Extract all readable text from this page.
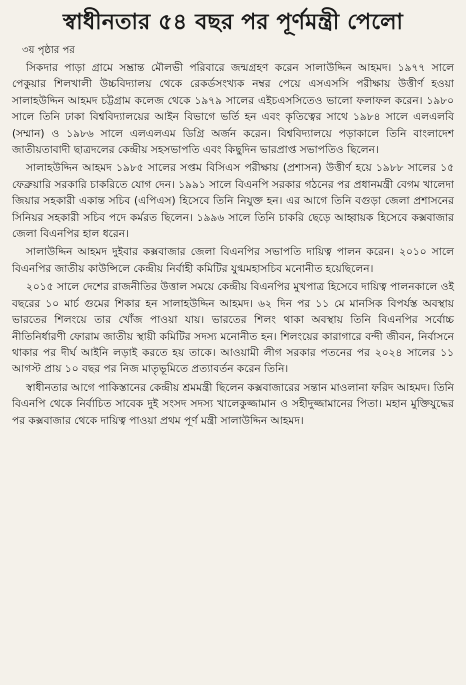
স্বাধীনতার ৫৪ বছর পর পূর্ণমন্ত্রী পেলো
৩য় পৃষ্ঠার পর

সিকদার পাড়া গ্রামে সম্ভ্রান্ত মৌলভী পরিবারে জন্মগ্রহণ করেন সালাউদ্দিন আহমদ। ১৯৭৭ সালে পেকুয়ার শিলখালী উচ্চবিদ্যালয় থেকে রেকর্ডসংখ্যক নম্বর পেয়ে এসএসসি পরীক্ষায় উত্তীর্ণ হওয়া সালাহউদ্দিন আহমদ চট্টগ্রাম কলেজ থেকে ১৯৭৯ সালের এইচএসসিতেও ভালো ফলাফল করেন। ১৯৮০ সালে তিনি ঢাকা বিশ্ববিদ্যালয়ের আইন বিভাগে ভর্তি হন এবং কৃতিত্বের সাথে ১৯৮৪ সালে এলএলবি (সম্মান) ও ১৯৮৬ সালে এলএলএম ডিগ্রি অর্জন করেন। বিশ্ববিদ্যালয়ে পড়াকালে তিনি বাংলাদেশ জাতীয়তাবাদী ছাত্রদলের কেন্দ্রীয় সহসভাপতি এবং কিছুদিন ভারপ্রাপ্ত সভাপতিও ছিলেন।

সালাহউদ্দিন আহমদ ১৯৮৫ সালের সপ্তম বিসিএস পরীক্ষায় (প্রশাসন) উত্তীর্ণ হয়ে ১৯৮৮ সালের ১৫ ফেব্রুয়ারি সরকারি চাকরিতে যোগ দেন। ১৯৯১ সালে বিএনপি সরকার গঠনের পর প্রধানমন্ত্রী বেগম খালেদা জিয়ার সহকারী একান্ত সচিব (এপিএস) হিসেবে তিনি নিযুক্ত হন। এর আগে তিনি বগুড়া জেলা প্রশাসনের সিনিয়র সহকারী সচিব পদে কর্মরত ছিলেন। ১৯৯৬ সালে তিনি চাকরি ছেড়ে আহ্বায়ক হিসেবে কক্সবাজার জেলা বিএনপির হাল ধরেন।

সালাউদ্দিন আহমদ দুইবার কক্সবাজার জেলা বিএনপির সভাপতি দায়িত্ব পালন করেন। ২০১০ সালে বিএনপির জাতীয় কাউন্সিলে কেন্দ্রীয় নির্বাহী কমিটির যুগ্মমহাসচিব মনোনীত হয়েছিলেন।

২০১৫ সালে দেশের রাজনীতির উত্তাল সময়ে কেন্দ্রীয় বিএনপির মুখপাত্র হিসেবে দায়িত্ব পালনকালে ওই বছরের ১০ মার্চ গুমের শিকার হন সালাহউদ্দিন আহমদ। ৬২ দিন পর ১১ মে মানসিক বিপর্যস্ত অবস্থায় ভারতের শিলংয়ে তার খোঁজ পাওয়া যায়। ভারতের শিলং থাকা অবস্থায় তিনি বিএনপির সর্বোচ্চ নীতিনির্ধারণী ফোরাম জাতীয় স্থায়ী কমিটির সদস্য মনোনীত হন। শিলংয়ের কারাগারে বন্দী জীবন, নির্বাসনে থাকার পর দীর্ঘ আইনি লড়াই করতে হয় তাকে। আওয়ামী লীগ সরকার পতনের পর ২০২৪ সালের ১১ আগস্ট প্রায় ১০ বছর পর নিজ মাতৃভূমিতে প্রত্যাবর্তন করেন তিনি।

স্বাধীনতার আগে পাকিস্তানের কেন্দ্রীয় শ্রমমন্ত্রী ছিলেন কক্সবাজারের সন্তান মাওলানা ফরিদ আহমদ। তিনি বিএনপি থেকে নির্বাচিত সাবেক দুই সংসদ সদস্য খালেকুজ্জামান ও সহীদুজ্জামানের পিতা। মহান মুক্তিযুদ্ধের পর কক্সবাজার থেকে দায়িত্ব পাওয়া প্রথম পূর্ণ মন্ত্রী সালাউদ্দিন আহমদ।
